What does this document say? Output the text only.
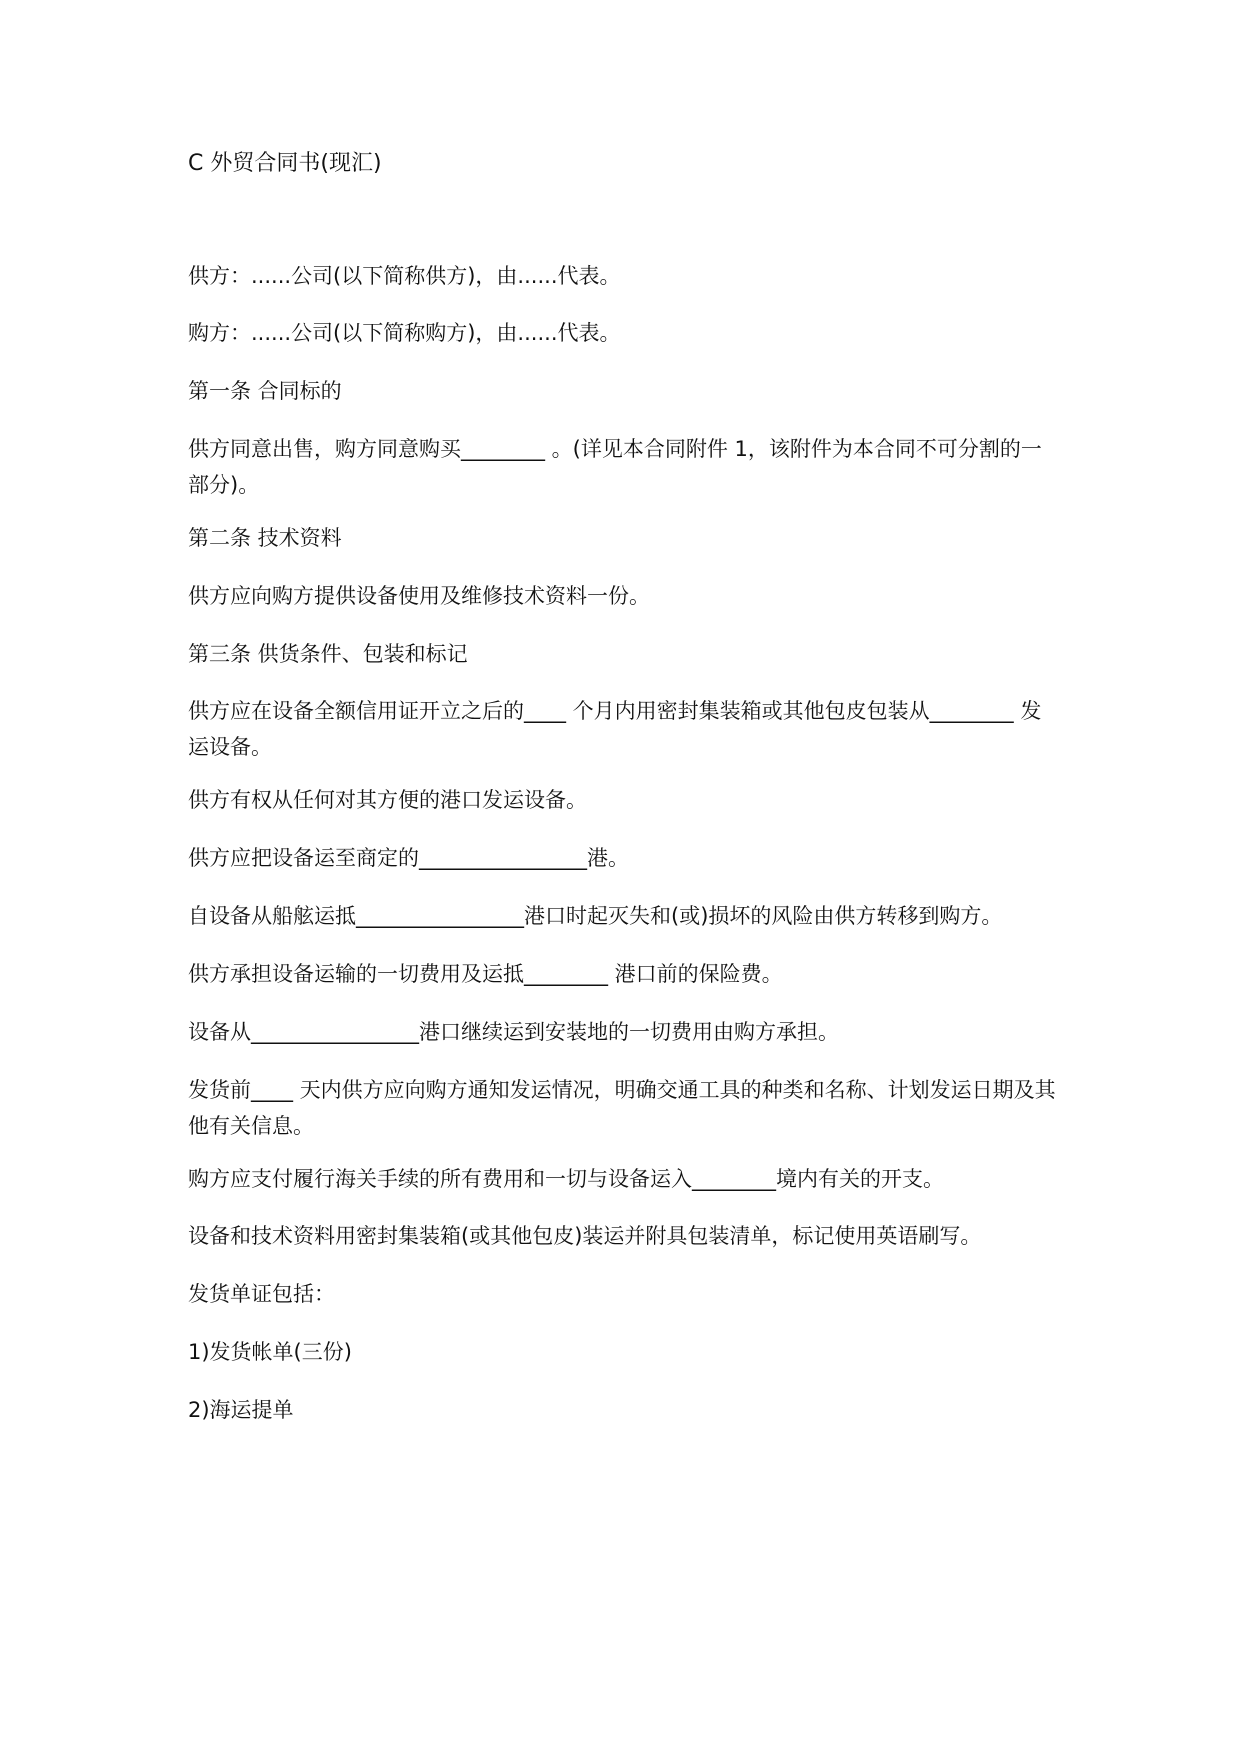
C 外贸合同书(现汇)

供方：......公司(以下简称供方)，由......代表。

购方：......公司(以下简称购方)，由......代表。

第一条 合同标的

供方同意出售，购方同意购买________ 。(详见本合同附件 1，该附件为本合同不可分割的一部分)。

第二条 技术资料

供方应向购方提供设备使用及维修技术资料一份。

第三条 供货条件、包装和标记

供方应在设备全额信用证开立之后的____ 个月内用密封集装箱或其他包皮包装从________ 发运设备。

供方有权从任何对其方便的港口发运设备。

供方应把设备运至商定的________________港。

自设备从船舷运抵________________港口时起灭失和(或)损坏的风险由供方转移到购方。

供方承担设备运输的一切费用及运抵________ 港口前的保险费。

设备从________________港口继续运到安装地的一切费用由购方承担。

发货前____ 天内供方应向购方通知发运情况，明确交通工具的种类和名称、计划发运日期及其他有关信息。

购方应支付履行海关手续的所有费用和一切与设备运入________境内有关的开支。

设备和技术资料用密封集装箱(或其他包皮)装运并附具包装清单，标记使用英语刷写。

发货单证包括：

1)发货帐单(三份)

2)海运提单
